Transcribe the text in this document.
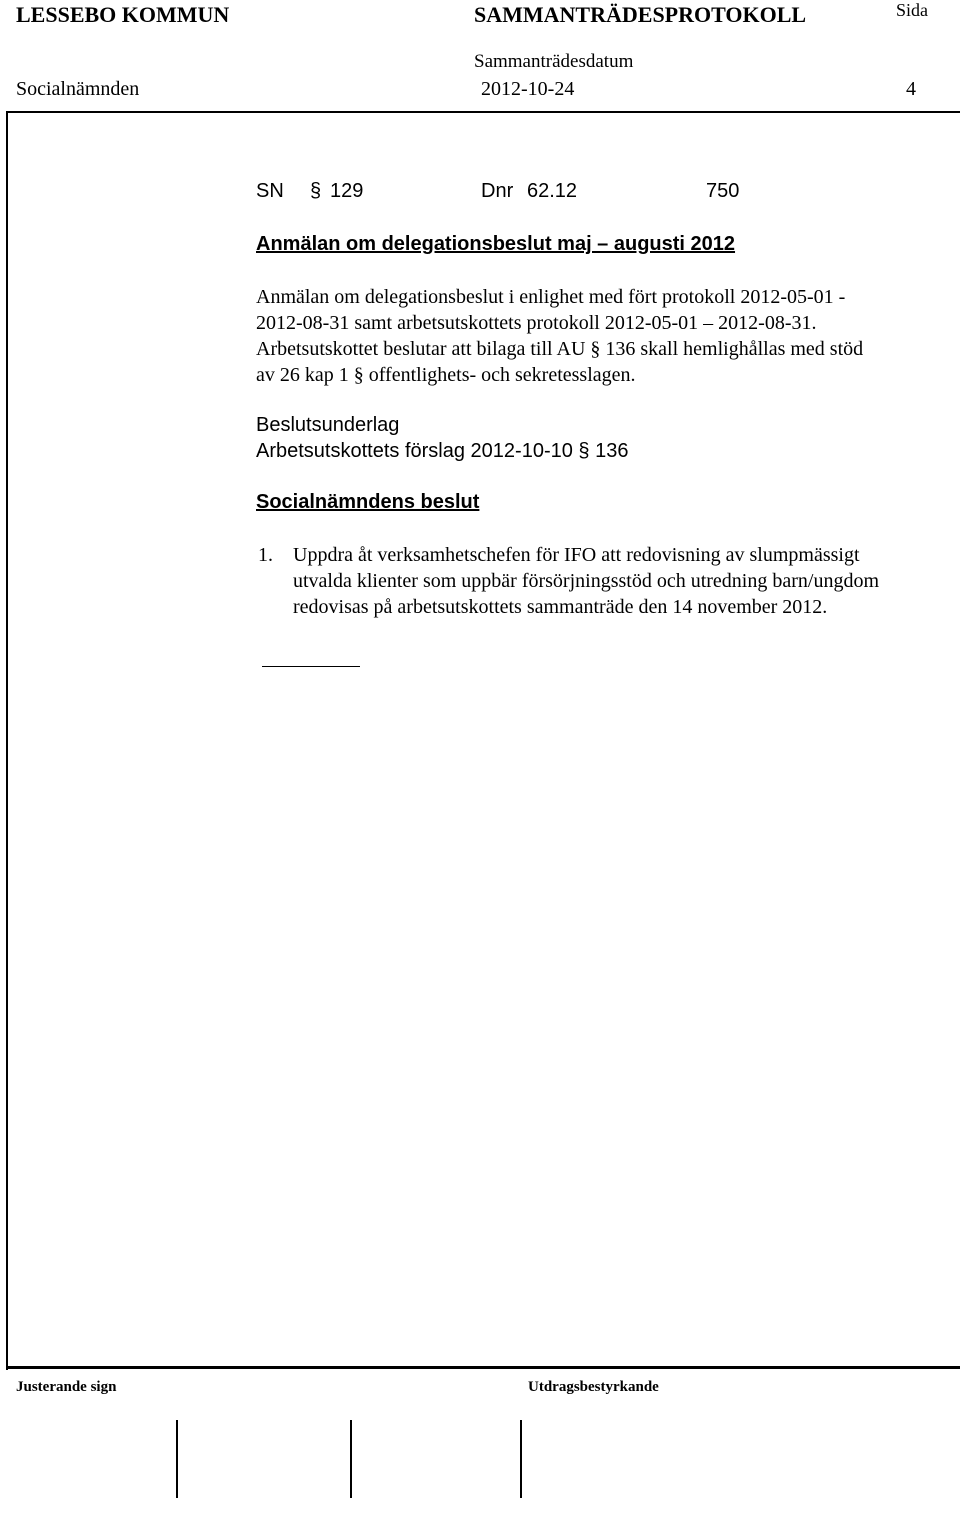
LESSEBO KOMMUN	SAMMANTRÄDESPROTOKOLL	Sida
Sammanträdesdatum
Socialnämnden	2012-10-24	4
SN § 129	Dnr 62.12	750
Anmälan om delegationsbeslut maj – augusti 2012
Anmälan om delegationsbeslut i enlighet med fört protokoll 2012-05-01 -
2012-08-31 samt arbetsutskottets protokoll 2012-05-01 – 2012-08-31.
Arbetsutskottet beslutar att bilaga till AU § 136 skall hemlighållas med stöd
av 26 kap 1 § offentlighets- och sekretesslagen.
Beslutsunderlag
Arbetsutskottets förslag 2012-10-10 § 136
Socialnämndens beslut
1. Uppdra åt verksamhetschefen för IFO att redovisning av slumpmässigt
utvalda klienter som uppbär försörjningsstöd och utredning barn/ungdom
redovisas på arbetsutskottets sammanträde den 14 november 2012.
Justerande sign	Utdragsbestyrkande
